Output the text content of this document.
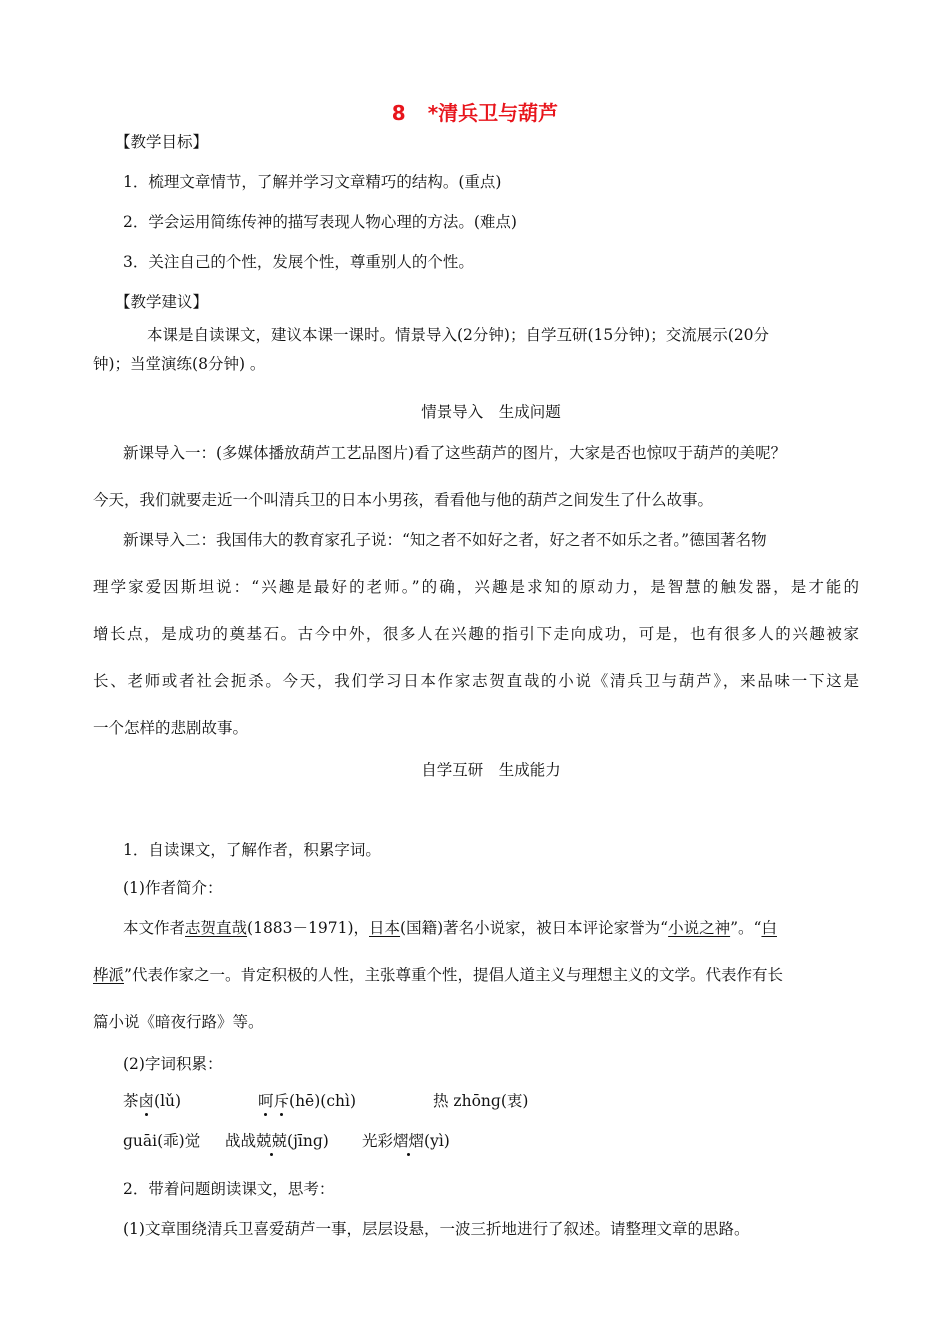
8 *清兵卫与葫芦
【教学目标】
1．梳理文章情节，了解并学习文章精巧的结构。(重点)
2．学会运用简练传神的描写表现人物心理的方法。(难点)
3．关注自己的个性，发展个性，尊重别人的个性。
【教学建议】
本课是自读课文，建议本课一课时。情景导入(2分钟)；自学互研(15分钟)；交流展示(20分
钟)；当堂演练(8分钟) 。
情景导入　生成问题
新课导入一：(多媒体播放葫芦工艺品图片)看了这些葫芦的图片，大家是否也惊叹于葫芦的美呢？
今天，我们就要走近一个叫清兵卫的日本小男孩，看看他与他的葫芦之间发生了什么故事。
新课导入二：我国伟大的教育家孔子说：“知之者不如好之者，好之者不如乐之者。”德国著名物
理学家爱因斯坦说：“兴趣是最好的老师。”的确，兴趣是求知的原动力，是智慧的触发器，是才能的
增长点，是成功的奠基石。古今中外，很多人在兴趣的指引下走向成功，可是，也有很多人的兴趣被家
长、老师或者社会扼杀。今天，我们学习日本作家志贺直哉的小说《清兵卫与葫芦》，来品味一下这是
一个怎样的悲剧故事。
自学互研　生成能力
1．自读课文，了解作者，积累字词。
(1)作者简介：
本文作者志贺直哉(1883－1971)，日本(国籍)著名小说家，被日本评论家誉为“小说之神”。“白
桦派”代表作家之一。肯定积极的人性，主张尊重个性，提倡人道主义与理想主义的文学。代表作有长
篇小说《暗夜行路》等。
(2)字词积累：
茶卤(lǔ)	呵斥(hē)(chì)	热 zhōnɡ(衷)
ɡuāi(乖)觉 战战兢兢(jīnɡ) 光彩熠熠(yì)
2．带着问题朗读课文，思考：
(1)文章围绕清兵卫喜爱葫芦一事，层层设悬，一波三折地进行了叙述。请整理文章的思路。
